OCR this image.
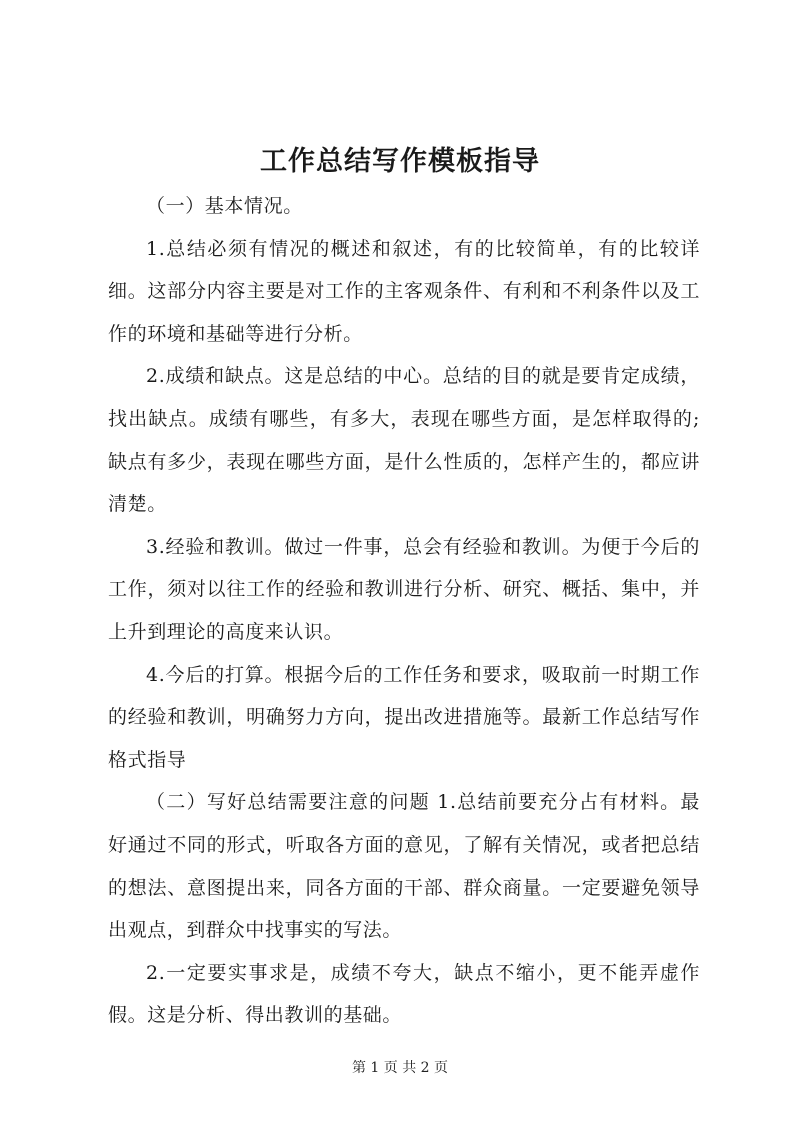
工作总结写作模板指导

（一）基本情况。

1.总结必须有情况的概述和叙述，有的比较简单，有的比较详细。这部分内容主要是对工作的主客观条件、有利和不利条件以及工作的环境和基础等进行分析。

2.成绩和缺点。这是总结的中心。总结的目的就是要肯定成绩，找出缺点。成绩有哪些，有多大，表现在哪些方面，是怎样取得的;缺点有多少，表现在哪些方面，是什么性质的，怎样产生的，都应讲清楚。

3.经验和教训。做过一件事，总会有经验和教训。为便于今后的工作，须对以往工作的经验和教训进行分析、研究、概括、集中，并上升到理论的高度来认识。

4.今后的打算。根据今后的工作任务和要求，吸取前一时期工作的经验和教训，明确努力方向，提出改进措施等。最新工作总结写作格式指导

（二）写好总结需要注意的问题 1.总结前要充分占有材料。最好通过不同的形式，听取各方面的意见，了解有关情况，或者把总结的想法、意图提出来，同各方面的干部、群众商量。一定要避免领导出观点，到群众中找事实的写法。

2.一定要实事求是，成绩不夸大，缺点不缩小，更不能弄虚作假。这是分析、得出教训的基础。

第 1 页 共 2 页
